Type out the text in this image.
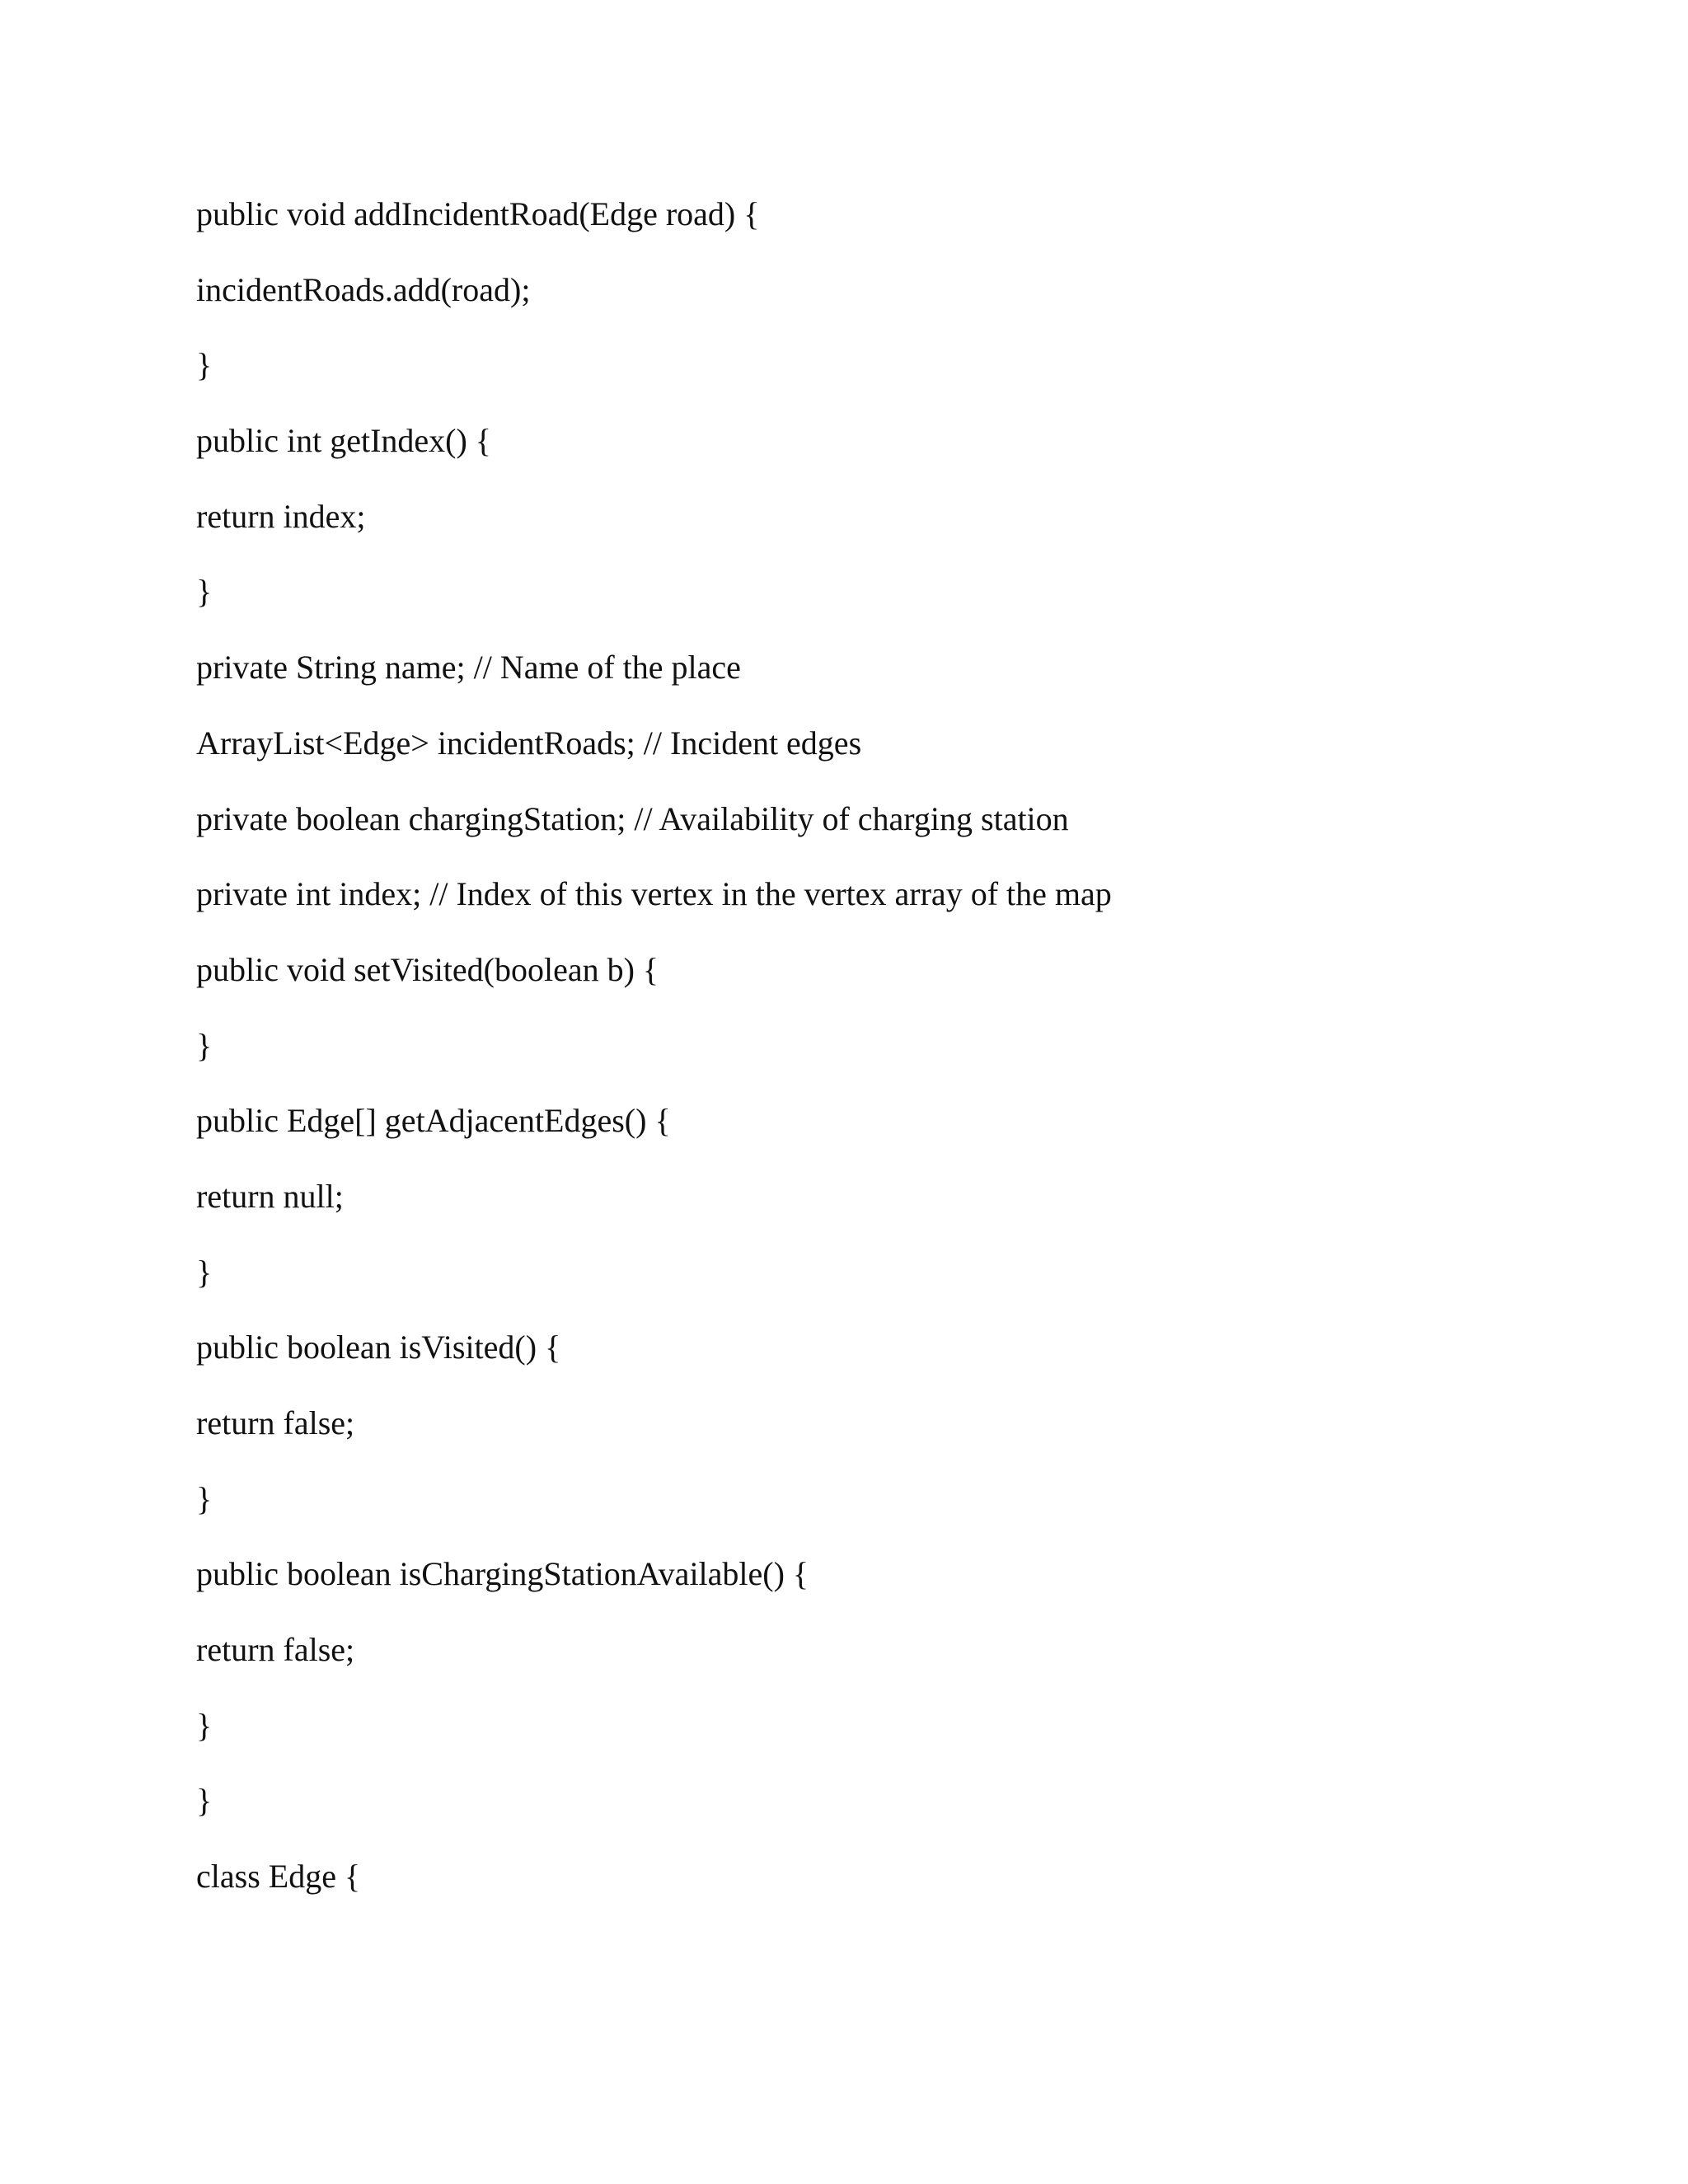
public void addIncidentRoad(Edge road) {

incidentRoads.add(road);

}

public int getIndex() {

return index;

}

private String name; // Name of the place

ArrayList<Edge> incidentRoads; // Incident edges

private boolean chargingStation; // Availability of charging station

private int index; // Index of this vertex in the vertex array of the map

public void setVisited(boolean b) {

}

public Edge[] getAdjacentEdges() {

return null;

}

public boolean isVisited() {

return false;

}

public boolean isChargingStationAvailable() {

return false;

}

}

class Edge {
